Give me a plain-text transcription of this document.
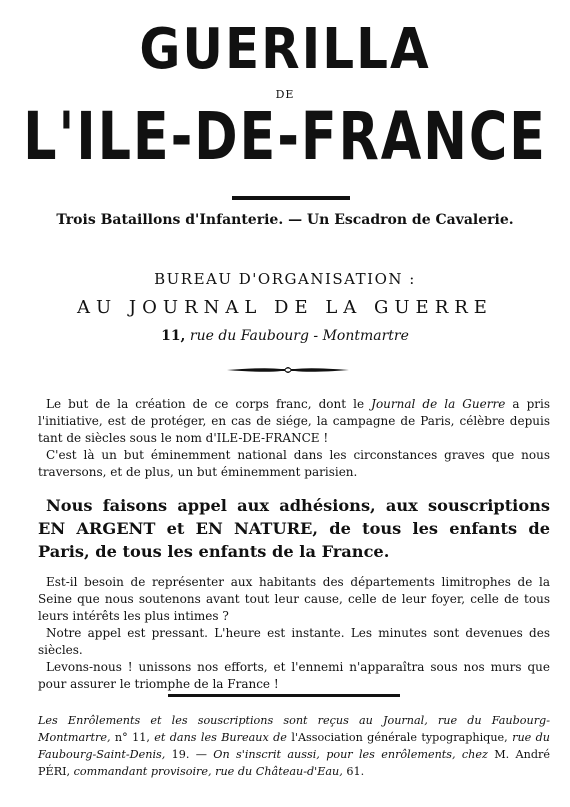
GUERILLA
DE
L'ILE-DE-FRANCE
Trois Bataillons d'Infanterie. — Un Escadron de Cavalerie.
BUREAU D'ORGANISATION :
AU JOURNAL DE LA GUERRE
11, rue du Faubourg - Montmartre
Le but de la création de ce corps franc, dont le Journal de la Guerre a pris l'initiative, est de protéger, en cas de siége, la campagne de Paris, célèbre depuis tant de siècles sous le nom d'ILE-DE-FRANCE !
C'est là un but éminemment national dans les circonstances graves que nous traversons, et de plus, un but éminemment parisien.
Nous faisons appel aux adhésions, aux souscriptions EN ARGENT et EN NATURE, de tous les enfants de Paris, de tous les enfants de la France.
Est-il besoin de représenter aux habitants des départements limitrophes de la Seine que nous soutenons avant tout leur cause, celle de leur foyer, celle de tous leurs intérêts les plus intimes ?
Notre appel est pressant. L'heure est instante. Les minutes sont devenues des siècles.
Levons-nous ! unissons nos efforts, et l'ennemi n'apparaîtra sous nos murs que pour assurer le triomphe de la France !
Les Enrôlements et les souscriptions sont reçus au Journal, rue du Faubourg-Montmartre, n° 11, et dans les Bureaux de l'Association générale typographique, rue du Faubourg-Saint-Denis, 19. — On s'inscrit aussi, pour les enrôlements, chez M. André PÉRI, commandant provisoire, rue du Château-d'Eau, 61.
